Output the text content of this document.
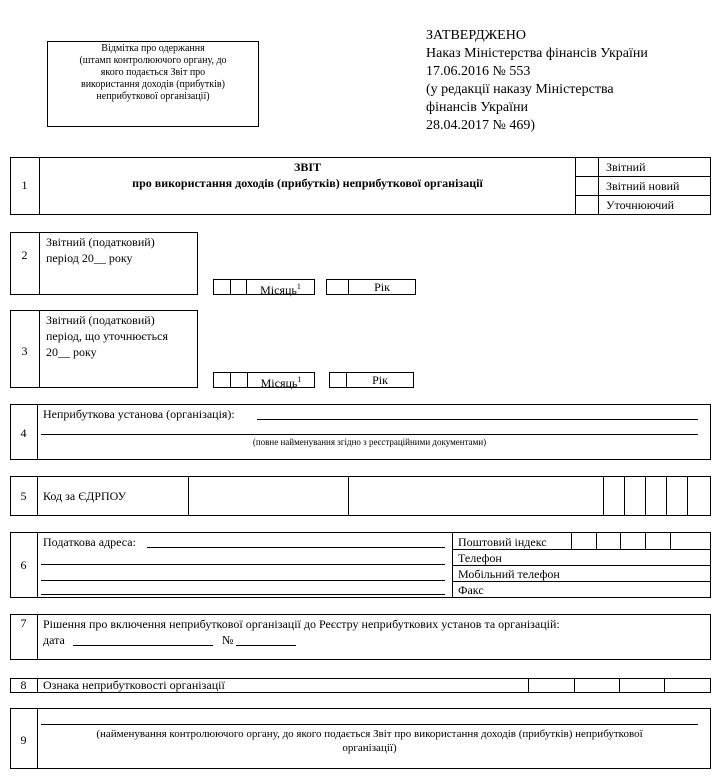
Відмітка про одержання
(штамп контролюючого органу, до
якого подається Звіт про
використання доходів (прибутків)
неприбуткової організації)
ЗАТВЕРДЖЕНО
Наказ Міністерства фінансів України
17.06.2016 № 553
(у редакції наказу Міністерства
фінансів України
28.04.2017 № 469)
1
ЗВІТ
про використання доходів (прибутків) неприбуткової організації
Звітний
Звітний новий
Уточнюючий
2
Звітний (податковий)
період 20__ року
Місяць$^1$	Рік
3
Звітний (податковий)
період, що уточнюється
20__ року
Місяць$^1$	Рік
4
Неприбуткова установа (організація):
(повне найменування згідно з реєстраційними документами)
5	Код за ЄДРПОУ
6
Податкова адреса:	Поштовий індекс
Телефон
Мобільний телефон
Факс
7	Рішення про включення неприбуткової організації до Реєстру неприбуткових установ та організацій:
дата	№
8	Ознака неприбутковості організації
9	(найменування контролюючого органу, до якого подається Звіт про використання доходів (прибутків) неприбуткової
організації)
